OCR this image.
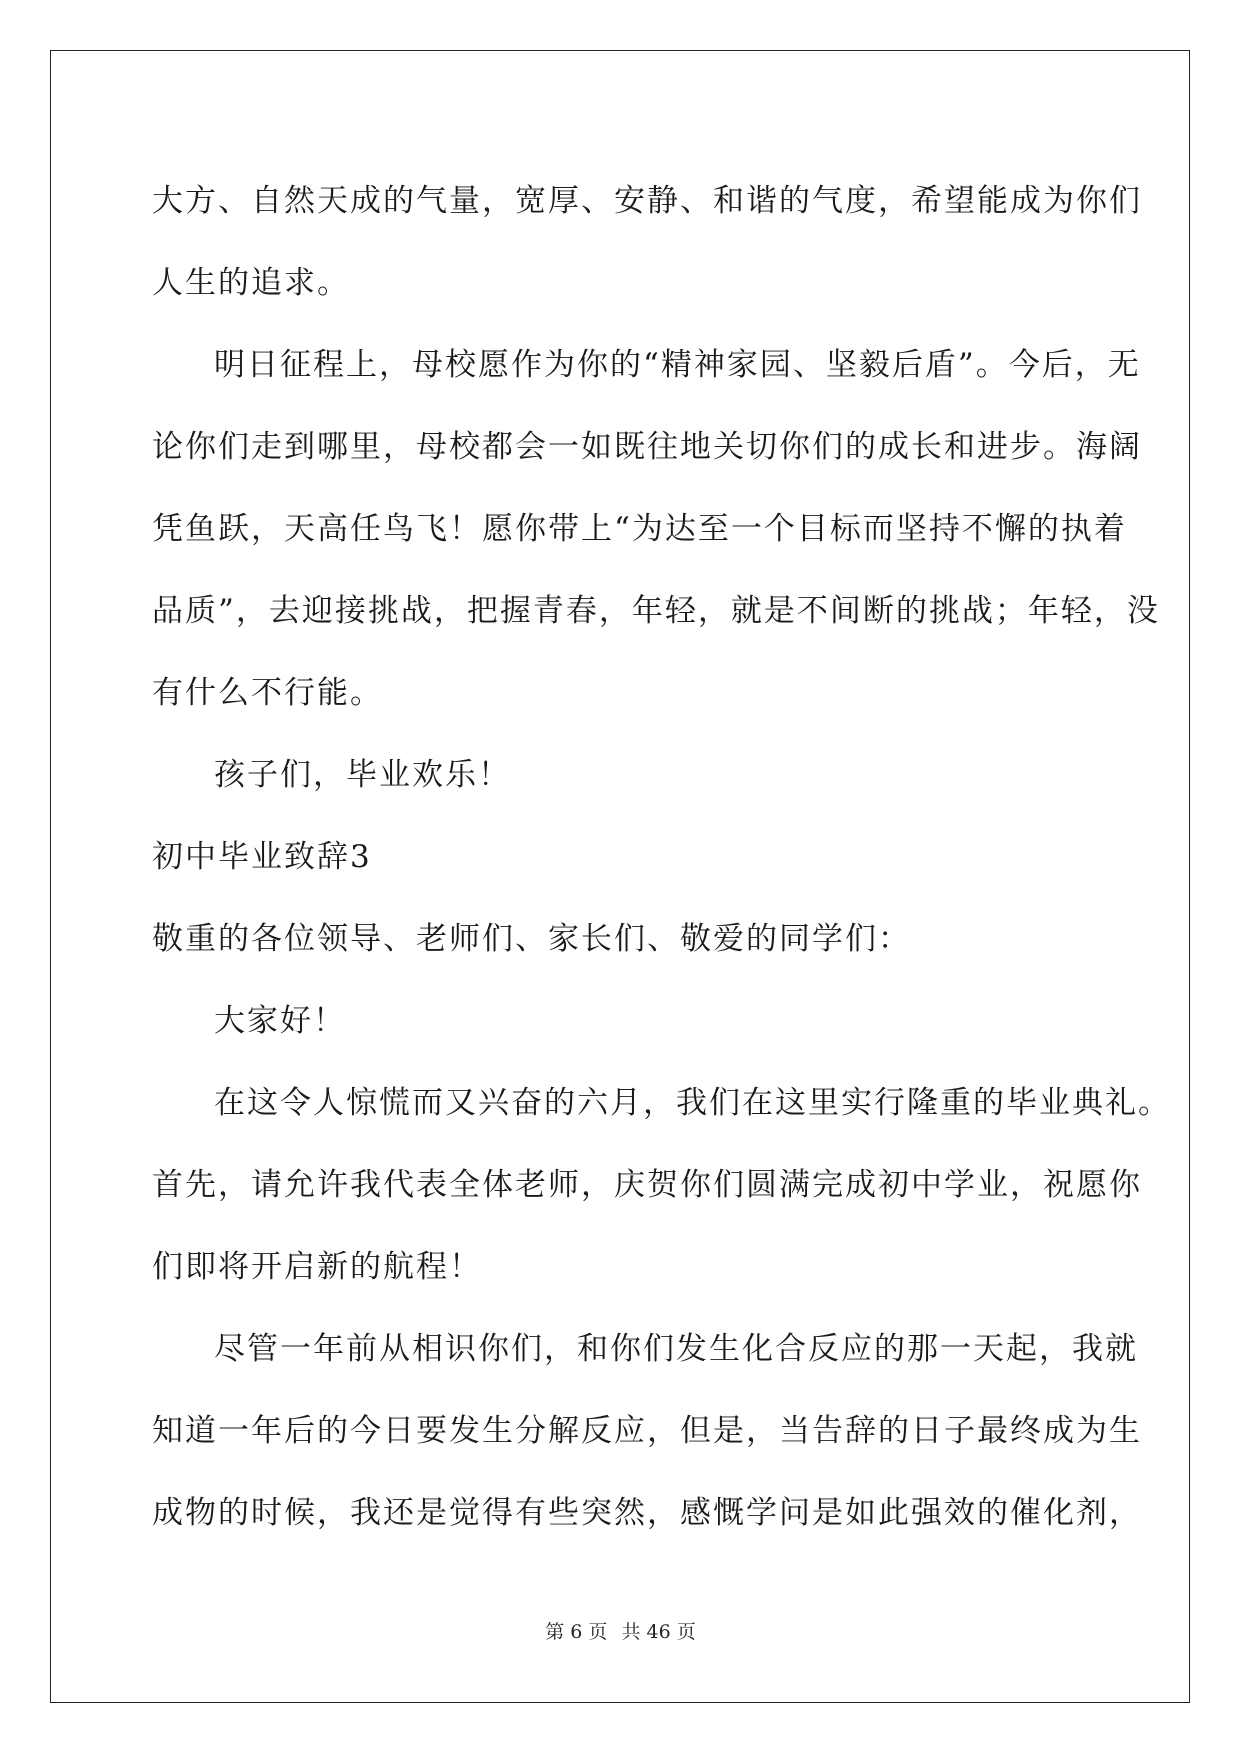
大方、自然天成的气量，宽厚、安静、和谐的气度，希望能成为你们
人生的追求。
明日征程上，母校愿作为你的“精神家园、坚毅后盾”。今后，无
论你们走到哪里，母校都会一如既往地关切你们的成长和进步。海阔
凭鱼跃，天高任鸟飞！愿你带上“为达至一个目标而坚持不懈的执着
品质”，去迎接挑战，把握青春，年轻，就是不间断的挑战；年轻，没
有什么不行能。
孩子们，毕业欢乐！
初中毕业致辞3
敬重的各位领导、老师们、家长们、敬爱的同学们：
大家好！
在这令人惊慌而又兴奋的六月，我们在这里实行隆重的毕业典礼。
首先，请允许我代表全体老师，庆贺你们圆满完成初中学业，祝愿你
们即将开启新的航程！
尽管一年前从相识你们，和你们发生化合反应的那一天起，我就
知道一年后的今日要发生分解反应，但是，当告辞的日子最终成为生
成物的时候，我还是觉得有些突然，感慨学问是如此强效的催化剂，
第 6 页 共 46 页
